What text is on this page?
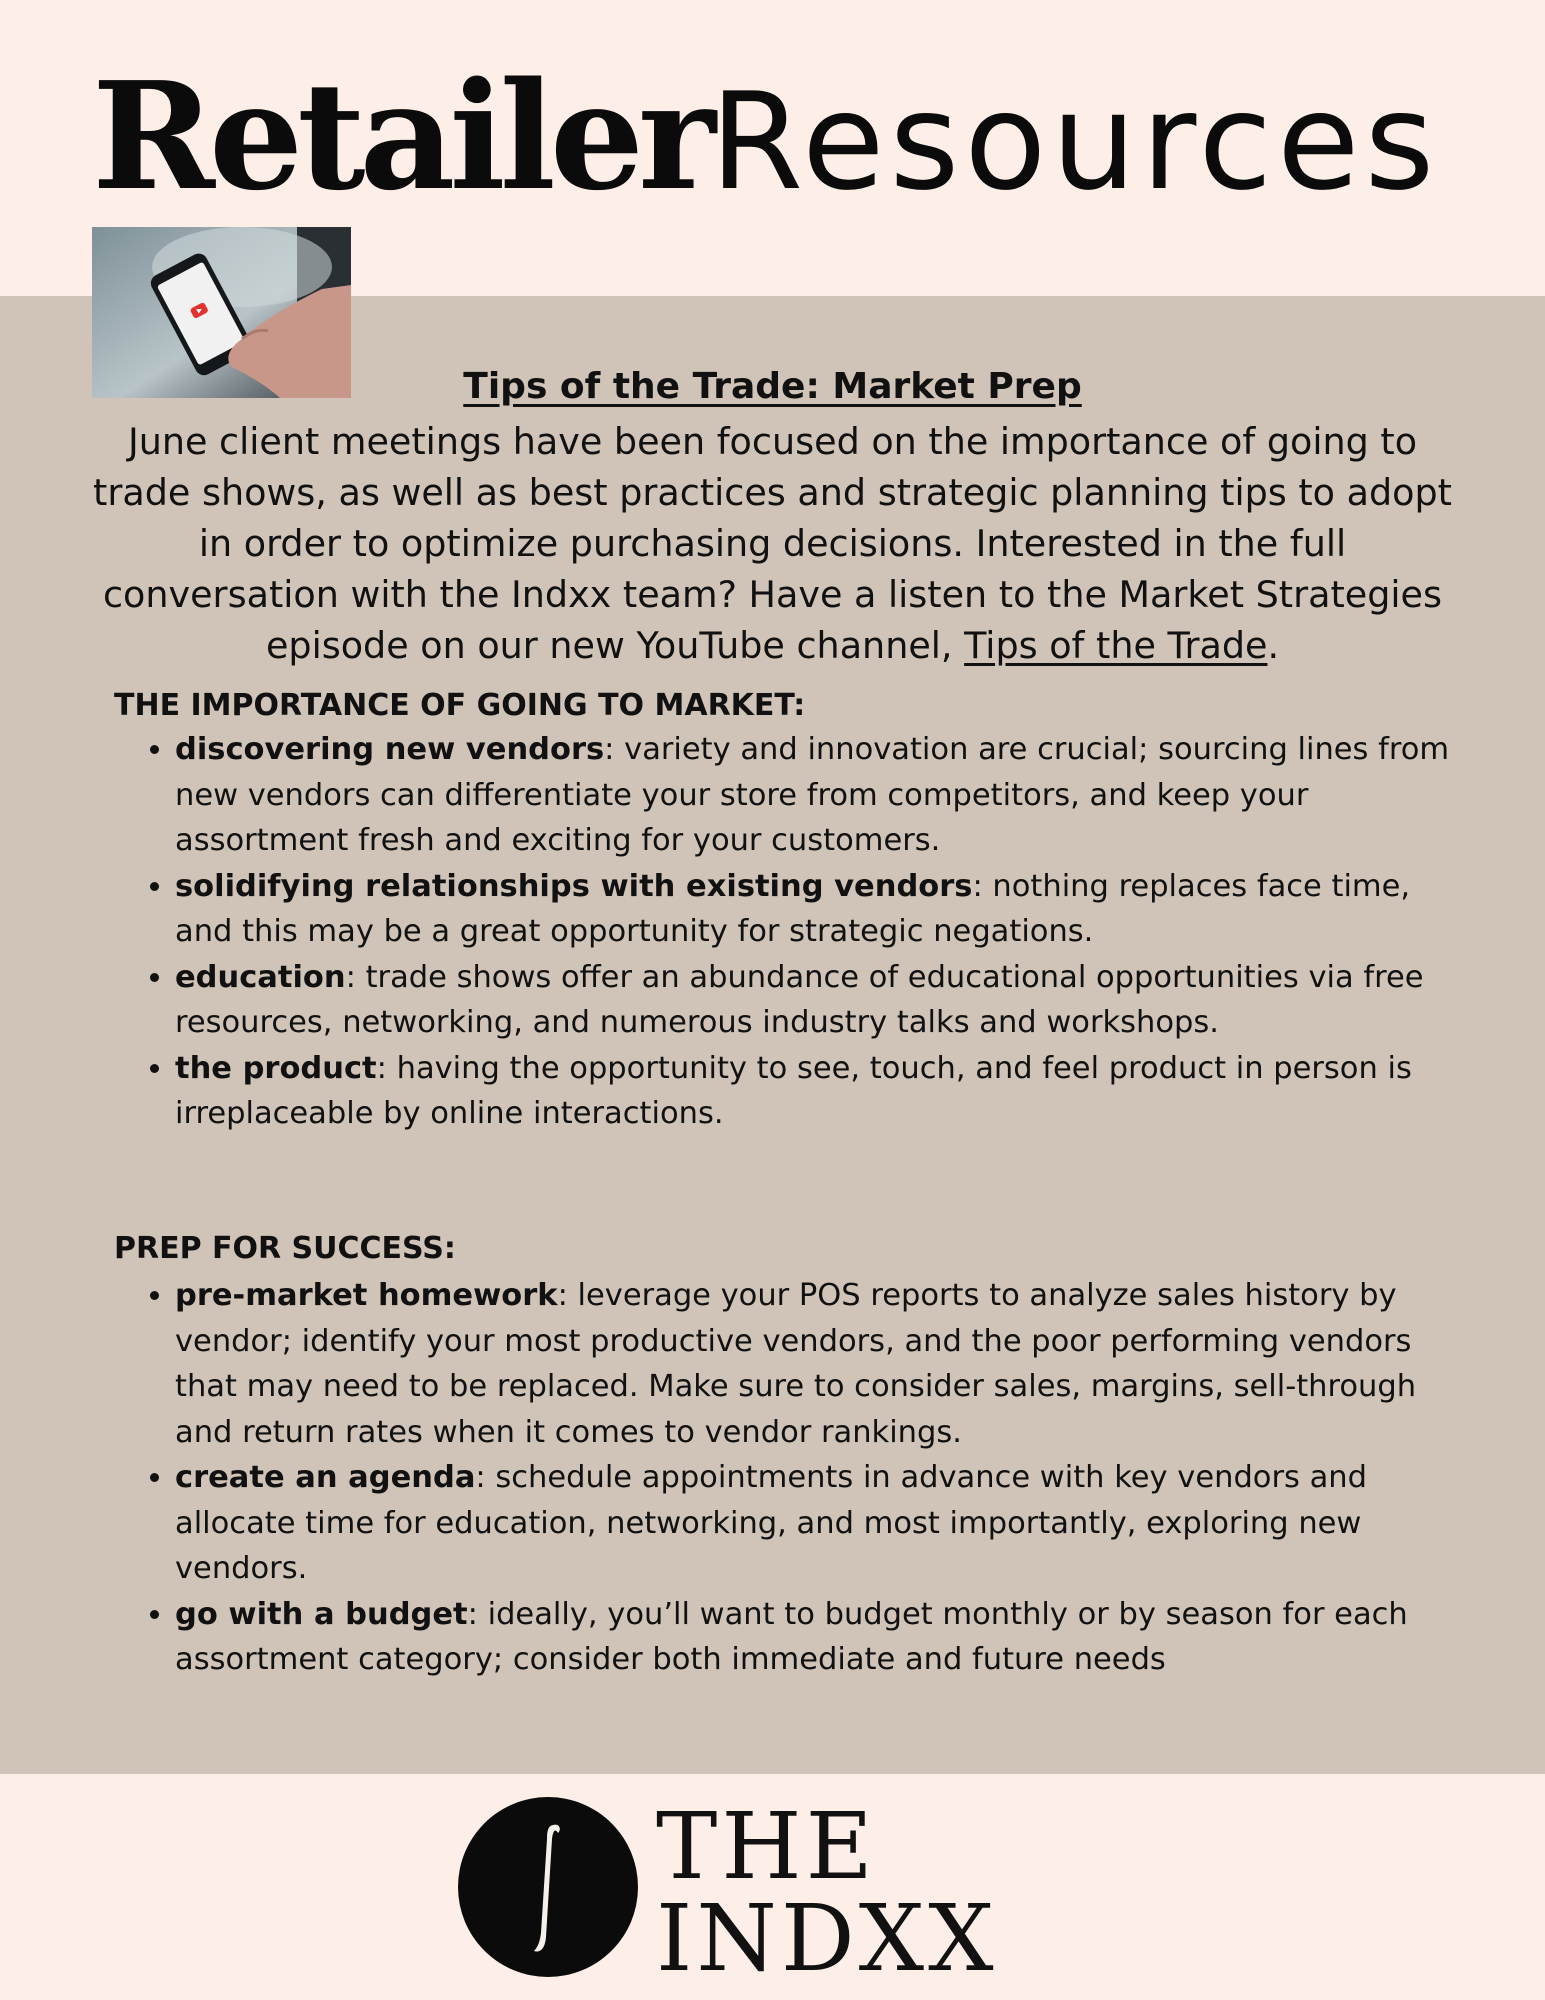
RetailerResources
Tips of the Trade: Market Prep

June client meetings have been focused on the importance of going to trade shows, as well as best practices and strategic planning tips to adopt in order to optimize purchasing decisions. Interested in the full conversation with the Indxx team? Have a listen to the Market Strategies episode on our new YouTube channel, Tips of the Trade.

THE IMPORTANCE OF GOING TO MARKET:
• discovering new vendors: variety and innovation are crucial; sourcing lines from new vendors can differentiate your store from competitors, and keep your assortment fresh and exciting for your customers.
• solidifying relationships with existing vendors: nothing replaces face time, and this may be a great opportunity for strategic negations.
• education: trade shows offer an abundance of educational opportunities via free resources, networking, and numerous industry talks and workshops.
• the product: having the opportunity to see, touch, and feel product in person is irreplaceable by online interactions.
PREP FOR SUCCESS:
• pre-market homework: leverage your POS reports to analyze sales history by vendor; identify your most productive vendors, and the poor performing vendors that may need to be replaced. Make sure to consider sales, margins, sell-through and return rates when it comes to vendor rankings.
• create an agenda: schedule appointments in advance with key vendors and allocate time for education, networking, and most importantly, exploring new vendors.
• go with a budget: ideally, you’ll want to budget monthly or by season for each assortment category; consider both immediate and future needs
THE
INDXX
